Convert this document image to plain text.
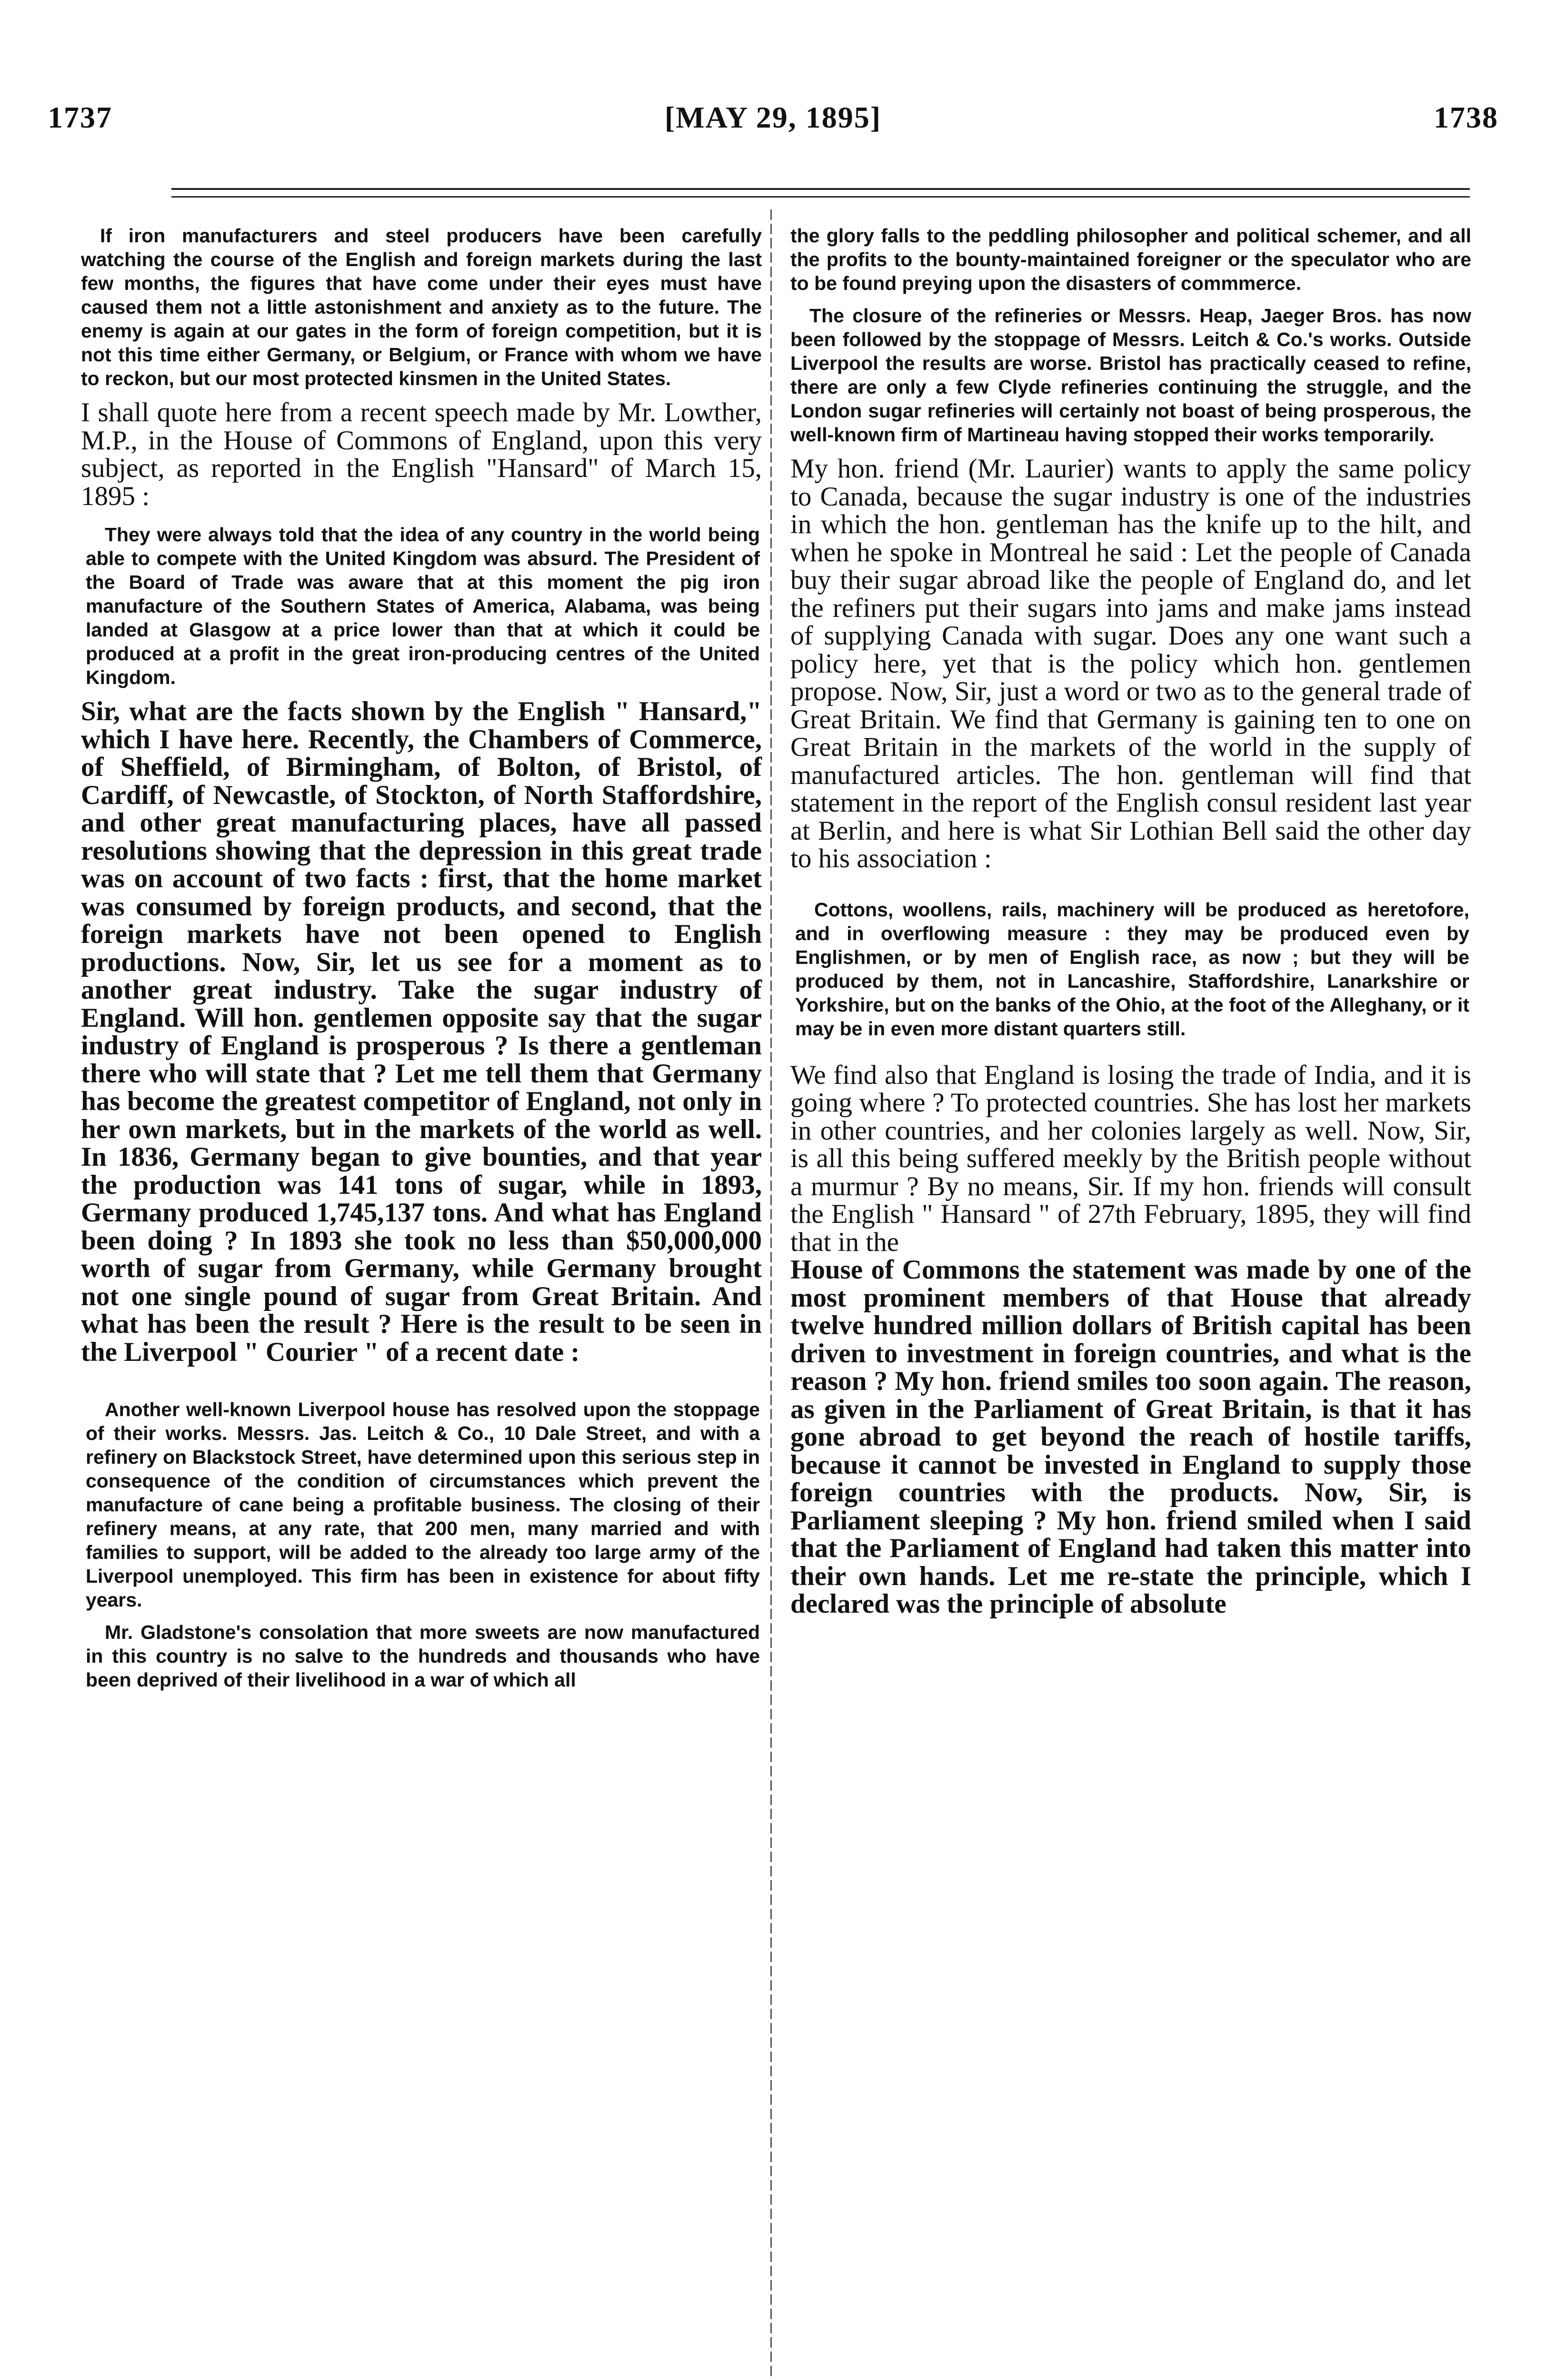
1737	[MAY 29, 1895]	1738

If iron manufacturers and steel producers have been carefully watching the course of the English and foreign markets during the last few months, the figures that have come under their eyes must have caused them not a little astonishment and anxiety as to the future. The enemy is again at our gates in the form of foreign competition, but it is not this time either Germany, or Belgium, or France with whom we have to reckon, but our most protected kinsmen in the United States.

I shall quote here from a recent speech made by Mr. Lowther, M.P., in the House of Commons of England, upon this very subject, as reported in the English "Hansard" of March 15, 1895 :

They were always told that the idea of any country in the world being able to compete with the United Kingdom was absurd. The President of the Board of Trade was aware that at this moment the pig iron manufacture of the Southern States of America, Alabama, was being landed at Glasgow at a price lower than that at which it could be produced at a profit in the great iron-producing centres of the United Kingdom.

Sir, what are the facts shown by the English " Hansard," which I have here. Recently, the Chambers of Commerce, of Sheffield, of Birmingham, of Bolton, of Bristol, of Cardiff, of Newcastle, of Stockton, of North Staffordshire, and other great manufacturing places, have all passed resolutions showing that the depression in this great trade was on account of two facts : first, that the home market was consumed by foreign products, and second, that the foreign markets have not been opened to English productions. Now, Sir, let us see for a moment as to another great industry. Take the sugar industry of England. Will hon. gentlemen opposite say that the sugar industry of England is prosperous ? Is there a gentleman there who will state that ? Let me tell them that Germany has become the greatest competitor of England, not only in her own markets, but in the markets of the world as well. In 1836, Germany began to give bounties, and that year the production was 141 tons of sugar, while in 1893, Germany produced 1,745,137 tons. And what has England been doing ? In 1893 she took no less than $50,000,000 worth of sugar from Germany, while Germany brought not one single pound of sugar from Great Britain. And what has been the result ? Here is the result to be seen in the Liverpool " Courier " of a recent date :

Another well-known Liverpool house has resolved upon the stoppage of their works. Messrs. Jas. Leitch & Co., 10 Dale Street, and with a refinery on Blackstock Street, have determined upon this serious step in consequence of the condition of circumstances which prevent the manufacture of cane being a profitable business. The closing of their refinery means, at any rate, that 200 men, many married and with families to support, will be added to the already too large army of the Liverpool unemployed. This firm has been in existence for about fifty years.

Mr. Gladstone's consolation that more sweets are now manufactured in this country is no salve to the hundreds and thousands who have been deprived of their livelihood in a war of which all

the glory falls to the peddling philosopher and political schemer, and all the profits to the bounty-maintained foreigner or the speculator who are to be found preying upon the disasters of commmerce.

The closure of the refineries or Messrs. Heap, Jaeger Bros. has now been followed by the stoppage of Messrs. Leitch & Co.'s works. Outside Liverpool the results are worse. Bristol has practically ceased to refine, there are only a few Clyde refineries continuing the struggle, and the London sugar refineries will certainly not boast of being prosperous, the well-known firm of Martineau having stopped their works temporarily.

My hon. friend (Mr. Laurier) wants to apply the same policy to Canada, because the sugar industry is one of the industries in which the hon. gentleman has the knife up to the hilt, and when he spoke in Montreal he said : Let the people of Canada buy their sugar abroad like the people of England do, and let the refiners put their sugars into jams and make jams instead of supplying Canada with sugar. Does any one want such a policy here, yet that is the policy which hon. gentlemen propose. Now, Sir, just a word or two as to the general trade of Great Britain. We find that Germany is gaining ten to one on Great Britain in the markets of the world in the supply of manufactured articles. The hon. gentleman will find that statement in the report of the English consul resident last year at Berlin, and here is what Sir Lothian Bell said the other day to his association :

Cottons, woollens, rails, machinery will be produced as heretofore, and in overflowing measure : they may be produced even by Englishmen, or by men of English race, as now ; but they will be produced by them, not in Lancashire, Staffordshire, Lanarkshire or Yorkshire, but on the banks of the Ohio, at the foot of the Alleghany, or it may be in even more distant quarters still.

We find also that England is losing the trade of India, and it is going where ? To protected countries. She has lost her markets in other countries, and her colonies largely as well. Now, Sir, is all this being suffered meekly by the British people without a murmur ? By no means, Sir. If my hon. friends will consult the English " Hansard " of 27th February, 1895, they will find that in the

House of Commons the statement was made by one of the most prominent members of that House that already twelve hundred million dollars of British capital has been driven to investment in foreign countries, and what is the reason ? My hon. friend smiles too soon again. The reason, as given in the Parliament of Great Britain, is that it has gone abroad to get beyond the reach of hostile tariffs, because it cannot be invested in England to supply those foreign countries with the products. Now, Sir, is Parliament sleeping ? My hon. friend smiled when I said that the Parliament of England had taken this matter into their own hands. Let me re-state the principle, which I declared was the principle of absolute
